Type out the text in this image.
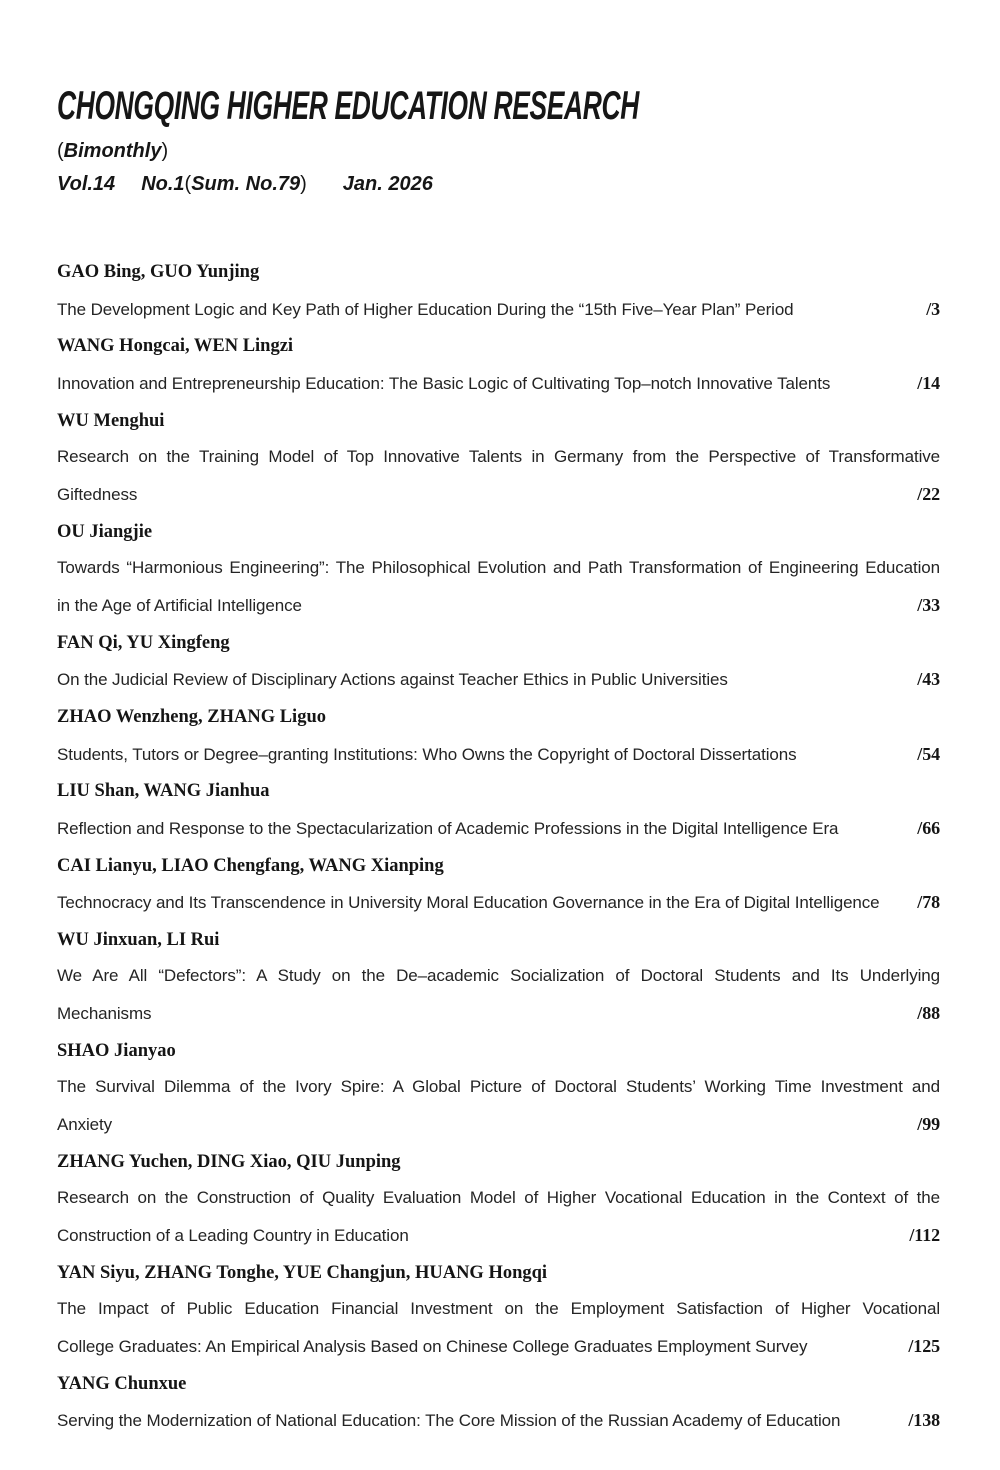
CHONGQING HIGHER EDUCATION RESEARCH
(Bimonthly)
Vol.14 No.1(Sum. No.79) Jan. 2026
GAO Bing, GUO Yunjing
The Development Logic and Key Path of Higher Education During the “15th Five–Year Plan” Period	/3
WANG Hongcai, WEN Lingzi
Innovation and Entrepreneurship Education: The Basic Logic of Cultivating Top–notch Innovative Talents	/14
WU Menghui
Research on the Training Model of Top Innovative Talents in Germany from the Perspective of Transformative
Giftedness	/22
OU Jiangjie
Towards “Harmonious Engineering”: The Philosophical Evolution and Path Transformation of Engineering Education
in the Age of Artificial Intelligence	/33
FAN Qi, YU Xingfeng
On the Judicial Review of Disciplinary Actions against Teacher Ethics in Public Universities	/43
ZHAO Wenzheng, ZHANG Liguo
Students, Tutors or Degree–granting Institutions: Who Owns the Copyright of Doctoral Dissertations	/54
LIU Shan, WANG Jianhua
Reflection and Response to the Spectacularization of Academic Professions in the Digital Intelligence Era	/66
CAI Lianyu, LIAO Chengfang, WANG Xianping
Technocracy and Its Transcendence in University Moral Education Governance in the Era of Digital Intelligence /78
WU Jinxuan, LI Rui
We Are All “Defectors”: A Study on the De–academic Socialization of Doctoral Students and Its Underlying
Mechanisms	/88
SHAO Jianyao
The Survival Dilemma of the Ivory Spire: A Global Picture of Doctoral Students’ Working Time Investment and
Anxiety	/99
ZHANG Yuchen, DING Xiao, QIU Junping
Research on the Construction of Quality Evaluation Model of Higher Vocational Education in the Context of the
Construction of a Leading Country in Education	/112
YAN Siyu, ZHANG Tonghe, YUE Changjun, HUANG Hongqi
The Impact of Public Education Financial Investment on the Employment Satisfaction of Higher Vocational
College Graduates: An Empirical Analysis Based on Chinese College Graduates Employment Survey	/125
YANG Chunxue
Serving the Modernization of National Education: The Core Mission of the Russian Academy of Education	/138
